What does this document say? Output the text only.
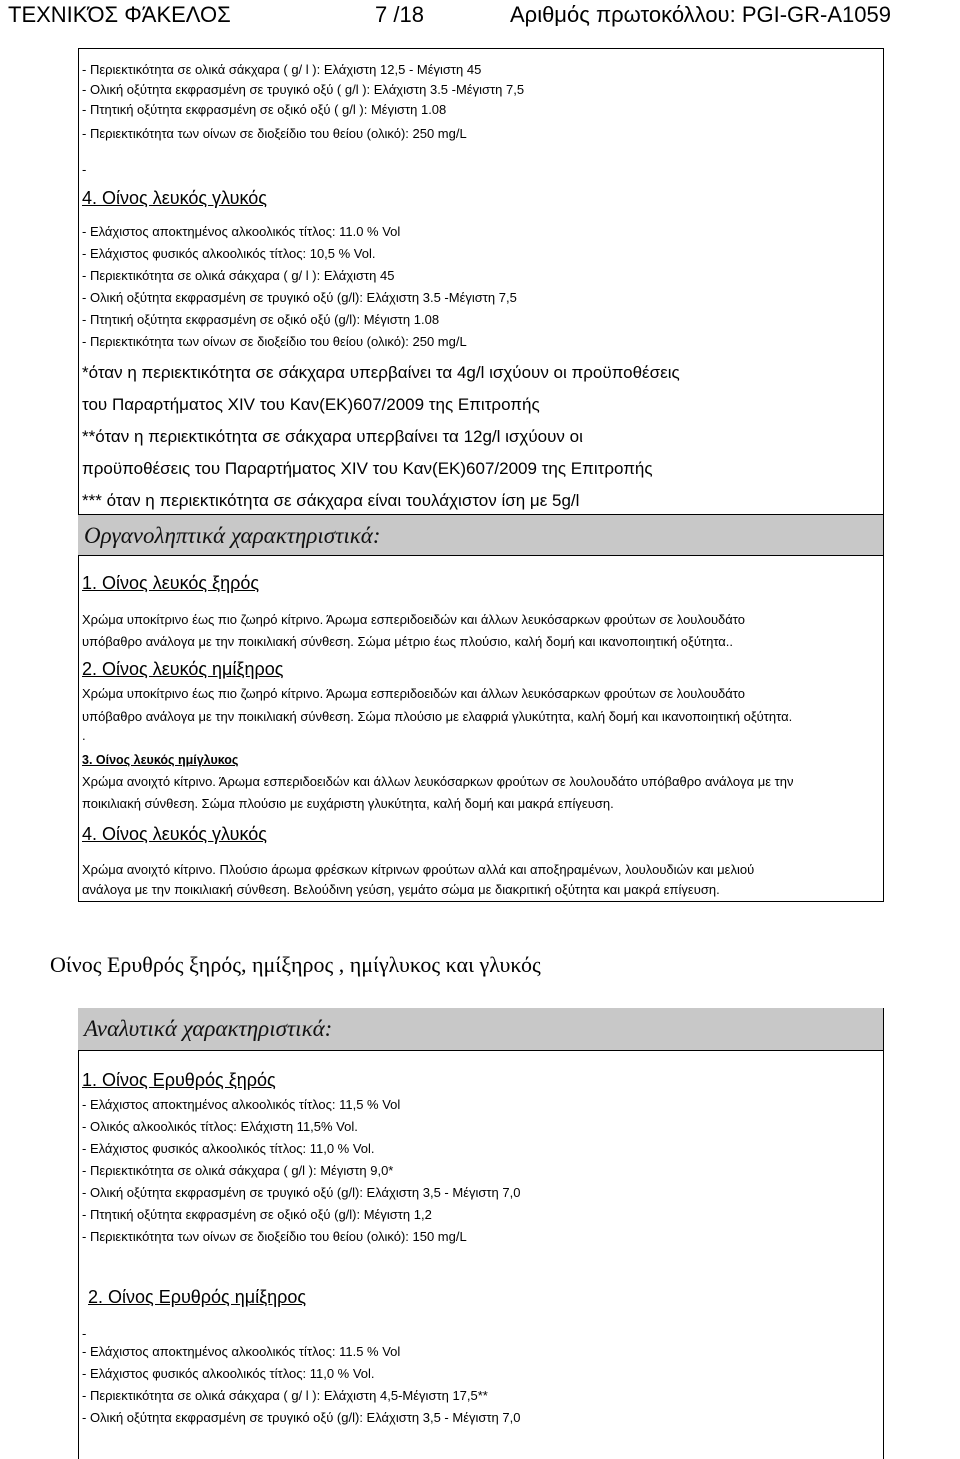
ΤΕΧΝΙΚΌΣ ΦΆΚΕΛΟΣ	7 /18	Αριθμός πρωτοκόλλου: PGI-GR-A1059
- Περιεκτικότητα σε ολικά σάκχαρα ( g/ l ): Ελάχιστη 12,5 - Μέγιστη 45
- Ολική οξύτητα εκφρασμένη σε τρυγικό οξύ ( g/l ): Ελάχιστη 3.5 -Μέγιστη 7,5
- Πτητική οξύτητα εκφρασμένη σε οξικό οξύ ( g/l ): Μέγιστη 1.08
- Περιεκτικότητα των οίνων σε διοξείδιο του θείου (ολικό): 250 mg/L
-
4. Οίνος λευκός γλυκός
- Ελάχιστος αποκτημένος αλκοολικός τίτλος: 11.0 % Vol
- Ελάχιστος φυσικός αλκοολικός τίτλος: 10,5 % Vol.
- Περιεκτικότητα σε ολικά σάκχαρα ( g/ l ): Ελάχιστη 45
- Ολική οξύτητα εκφρασμένη σε τρυγικό οξύ (g/l): Ελάχιστη 3.5 -Μέγιστη 7,5
- Πτητική οξύτητα εκφρασμένη σε οξικό οξύ (g/l): Μέγιστη 1.08
- Περιεκτικότητα των οίνων σε διοξείδιο του θείου (ολικό): 250 mg/L
*όταν η περιεκτικότητα σε σάκχαρα υπερβαίνει τα 4g/l ισχύουν οι προϋποθέσεις
του Παραρτήματος XIV του Καν(ΕΚ)607/2009 της Επιτροπής
**όταν η περιεκτικότητα σε σάκχαρα υπερβαίνει τα 12g/l ισχύουν οι
προϋποθέσεις του Παραρτήματος XIV του Καν(ΕΚ)607/2009 της Επιτροπής
*** όταν η περιεκτικότητα σε σάκχαρα είναι τουλάχιστον ίση με 5g/l
Οργανοληπτικά χαρακτηριστικά:
1. Οίνος λευκός ξηρός
Χρώμα υποκίτρινο έως πιο ζωηρό κίτρινο. Άρωμα εσπεριδοειδών και άλλων λευκόσαρκων φρούτων σε λουλουδάτο
υπόβαθρο ανάλογα με την ποικιλιακή σύνθεση. Σώμα μέτριο έως πλούσιο, καλή δομή και ικανοποιητική οξύτητα..
2. Οίνος λευκός ημίξηρος
Χρώμα υποκίτρινο έως πιο ζωηρό κίτρινο. Άρωμα εσπεριδοειδών και άλλων λευκόσαρκων φρούτων σε λουλουδάτο
υπόβαθρο ανάλογα με την ποικιλιακή σύνθεση. Σώμα πλούσιο με ελαφριά γλυκύτητα, καλή δομή και ικανοποιητική οξύτητα.
.
3. Οίνος λευκός ημίγλυκος
Χρώμα ανοιχτό κίτρινο. Άρωμα εσπεριδοειδών και άλλων λευκόσαρκων φρούτων σε λουλουδάτο υπόβαθρο ανάλογα με την
ποικιλιακή σύνθεση. Σώμα πλούσιο με ευχάριστη γλυκύτητα, καλή δομή και μακρά επίγευση.
4. Οίνος λευκός γλυκός
Χρώμα ανοιχτό κίτρινο. Πλούσιο άρωμα φρέσκων κίτρινων φρούτων αλλά και αποξηραμένων, λουλουδιών και μελιού
ανάλογα με την ποικιλιακή σύνθεση. Βελούδινη γεύση, γεμάτο σώμα με διακριτική οξύτητα και μακρά επίγευση.
Οίνος Ερυθρός ξηρός, ημίξηρος , ημίγλυκος και γλυκός
Αναλυτικά χαρακτηριστικά:
1. Οίνος Ερυθρός ξηρός
- Ελάχιστος αποκτημένος αλκοολικός τίτλος: 11,5 % Vol
- Ολικός αλκοολικός τίτλος: Ελάχιστη 11,5% Vol.
- Ελάχιστος φυσικός αλκοολικός τίτλος: 11,0 % Vol.
- Περιεκτικότητα σε ολικά σάκχαρα ( g/l ): Μέγιστη 9,0*
- Ολική οξύτητα εκφρασμένη σε τρυγικό οξύ (g/l): Ελάχιστη 3,5 - Μέγιστη 7,0
- Πτητική οξύτητα εκφρασμένη σε οξικό οξύ (g/l): Μέγιστη 1,2
- Περιεκτικότητα των οίνων σε διοξείδιο του θείου (ολικό): 150 mg/L
2. Οίνος Ερυθρός ημίξηρος
-
- Ελάχιστος αποκτημένος αλκοολικός τίτλος: 11.5 % Vol
- Ελάχιστος φυσικός αλκοολικός τίτλος: 11,0 % Vol.
- Περιεκτικότητα σε ολικά σάκχαρα ( g/ l ): Ελάχιστη 4,5-Μέγιστη 17,5**
- Ολική οξύτητα εκφρασμένη σε τρυγικό οξύ (g/l): Ελάχιστη 3,5 - Μέγιστη 7,0
